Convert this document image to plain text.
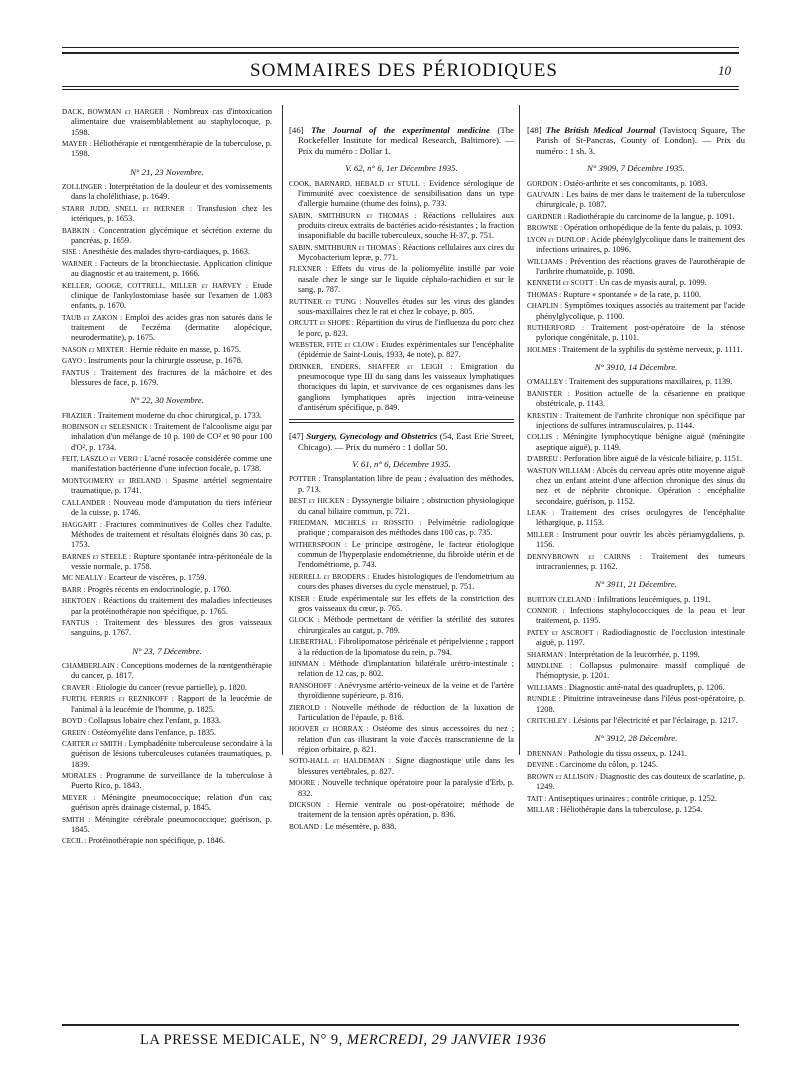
SOMMAIRES DES PÉRIODIQUES	10
DACK, BOWMAN et HARGER : Nombreux cas d'intoxication alimentaire due vraisemblablement au staphylocoque, p. 1598.
MAYER : Héliothérapie et rœntgenthérapie de la tuberculose, p. 1598.
N° 21, 23 Novembre.
ZOLLINGER : Interprétation de la douleur et des vomissements dans la cholélithiase, p. 1649.
STARR JUDD, SNELL et HŒRNER : Transfusion chez les ictériques, p. 1653.
BABKIN : Concentration glycémique et sécrétion externe du pancréas, p. 1659.
SISE : Anesthésie des malades thyro-cardiaques, p. 1663.
WARNER : Facteurs de la bronchiectasie. Application clinique au diagnostic et au traitement, p. 1666.
KELLER, GOOGE, COTTRELL, MILLER et HARVEY : Etude clinique de l'ankylostomiase basée sur l'examen de 1.083 enfants, p. 1670.
TAUB et ZAKON : Emploi des acides gras non saturés dans le traitement de l'eczéma (dermatite alopécique, neurodermatite), p. 1675.
NASON et MIXTER : Hernie réduite en masse, p. 1675.
GAYO : Instruments pour la chirurgie osseuse, p. 1678.
FANTUS : Traitement des fractures de la mâchoire et des blessures de face, p. 1679.
N° 22, 30 Novembre.
FRAZIER : Traitement moderne du choc chirurgical, p. 1733.
ROBINSON et SELESNICK : Traitement de l'alcoolisme aigu par inhalation d'un mélange de 10 p. 100 de CO² et 90 pour 100 d'O², p. 1734.
FEIT, LASZLO et VERO : L'acné rosacée considérée comme une manifestation bactérienne d'une infection focale, p. 1738.
MONTGOMERY et IRELAND : Spasme artériel segmentaire traumatique, p. 1741.
CALLANDER : Nouveau mode d'amputation du tiers inférieur de la cuisse, p. 1746.
HAGGART : Fractures comminutives de Colles chez l'adulte. Méthodes de traitement et résultats éloignés dans 30 cas, p. 1753.
BARNES et STEELE : Rupture spontanée intra-péritonéale de la vessie normale, p. 1758.
MC NEALLY : Ecarteur de viscères, p. 1759.
BARR : Progrès récents en endocrinologie, p. 1760.
HEKTOEN : Réactions du traitement des maladies infectieuses par la protéinothérapie non spécifique, p. 1765.
FANTUS : Traitement des blessures des gros vaisseaux sanguins, p. 1767.
N° 23, 7 Décembre.
CHAMBERLAIN : Conceptions modernes de la rœntgenthérapie du cancer, p. 1817.
CRAVER : Etiologie du cancer (revue partielle), p. 1820.
FURTH, FERRIS et REZNIKOFF : Rapport de la leucémie de l'animal à la leucémie de l'homme, p. 1825.
BOYD : Collapsus lobaire chez l'enfant, p. 1833.
GREEN : Ostéomyélite dans l'enfance, p. 1835.
CARTER et SMITH : Lymphadénite tuberculeuse secondaire à la guérison de lésions tuberculeuses cutanées traumatiques, p. 1839.
MORALES : Programme de surveillance de la tuberculose à Puerto Rico, p. 1843.
MEYER : Méningite pneumococcique; relation d'un cas; guérison après drainage cisternal, p. 1845.
SMITH : Méningite cérébrale pneumococcique; guérison, p. 1845.
CECIL : Protéinothérapie non spécifique, p. 1846.
[46] The Journal of the experimental medicine (The Rockefeller Institute for medical Research, Baltimore). — Prix du numéro : Dollar 1.
V. 62, n° 6, 1er Décembre 1935.
COOK, BARNARD, HEBALD et STULL : Evidence sérologique de l'immunité avec coexistence de sensibilisation dans un type d'allergie humaine (rhume des foins), p. 733.
SABIN, SMITHBURN et THOMAS : Réactions cellulaires aux produits cireux extraits de bactéries acido-résistantes ; la fraction insaponifiable du bacille tuberculeux, souche H-37, p. 751.
SABIN, SMITHBURN et THOMAS : Réactions cellulaires aux cires du Mycobacterium lepræ, p. 771.
FLEXNER : Effets du virus de la poliomyélite instillé par voie nasale chez le singe sur le liquide céphalo-rachidien et sur le sang, p. 787.
RUTTNER et T'UNG : Nouvelles études sur les virus des glandes sous-maxillaires chez le rat et chez le cobaye, p. 805.
ORCUTT et SHOPE : Répartition du virus de l'influenza du porc chez le porc, p. 823.
WEBSTER, FITE et CLOW : Etudes expérimentales sur l'encéphalite (épidémie de Saint-Louis, 1933, 4e note), p. 827.
DRINKER, ENDERS, SHAFFER et LEIGH : Emigration du pneumocoque type III du sang dans les vaisseaux lymphatiques thoraciques du lapin, et survivance de ces organismes dans les ganglions lymphatiques après injection intra-veineuse d'antisérum spécifique, p. 849.
[47] Surgery, Gynecology and Obstetrics (54, East Erie Street, Chicago). — Prix du numéro : 1 dollar 50.
V. 61, n° 6, Décembre 1935.
POTTER : Transplantation libre de peau ; évaluation des méthodes, p. 713.
BEST et HICKEN : Dyssynergie biliaire ; obstruction physiologique du canal biliaire commun, p. 721.
FRIEDMAN, MICHELS et ROSSITO : Pelvimétrie radiologique pratique ; comparaison des méthodes dans 100 cas, p. 735.
WITHERSPOON : Le principe œstrogène, le facteur étiologique commun de l'hyperplasie endométrienne, du fibroïde utérin et de l'endométriome, p. 743.
HERRELL et BRODERS : Etudes histologiques de l'endometrium au cours des phases diverses du cycle menstruel, p. 751.
KISER : Etude expérimentale sur les effets de la constriction des gros vaisseaux du cœur, p. 765.
GLOCK : Méthode permettant de vérifier la stérilité des sutures chirurgicales au catgut, p. 789.
LIEBERTHAL : Fibrolipomatose périrénale et péripelvienne ; rapport à la réduction de la lipomatose du rein, p. 794.
HINMAN : Méthode d'implantation bilatérale urétro-intestinale ; relation de 12 cas, p. 802.
RANSOHOFF : Anévrysme artério-veineux de la veine et de l'artère thyroïdienne supérieure, p. 816.
ZIEROLD : Nouvelle méthode de réduction de la luxation de l'articulation de l'épaule, p. 818.
HOOVER et HORRAX : Ostéome des sinus accessoires du nez ; relation d'un cas illustrant la voie d'accès transcranienne de la région orbitaire, p. 821.
SOTO-HALL et HALDEMAN : Signe diagnostique utile dans les blessures vertébrales, p. 827.
MOORE : Nouvelle technique opératoire pour la paralysie d'Erb, p. 832.
DICKSON : Hernie ventrale ou post-opératoire; méthode de traitement de la tension après opération, p. 836.
BOLAND : Le mésentère, p. 838.
[48] The British Medical Journal (Tavistocq Square, The Parish of St-Pancras, County of London). — Prix du numéro : 1 sh. 3.
N° 3909, 7 Décembre 1935.
GORDON : Ostéo-arthrite et ses concomitants, p. 1083.
GAUVAIN : Les bains de mer dans le traitement de la tuberculose chirurgicale, p. 1087.
GARDNER : Radiothérapie du carcinome de la langue, p. 1091.
BROWNE : Opération orthopédique de la fente du palais, p. 1093.
LYON et DUNLOP : Acide phénylglycolique dans le traitement des infections urinaires, p. 1096.
WILLIAMS : Prévention des réactions graves de l'aurothérapie de l'arthrite rhumatoïde, p. 1098.
KENNETH et SCOTT : Un cas de myasis aural, p. 1099.
THOMAS : Rupture « spontanée » de la rate, p. 1100.
CHAPLIN : Symptômes toxiques associés au traitement par l'acide phénylglycolique, p. 1100.
RUTHERFORD : Traitement post-opératoire de la sténose pylorique congénitale, p. 1101.
HOLMES : Traitement de la syphilis du système nerveux, p. 1111.
N° 3910, 14 Décembre.
O'MALLEY : Traitement des suppurations maxillaires, p. 1139.
BANISTER : Position actuelle de la césarienne en pratique obstétricale, p. 1143.
KRESTIN : Traitement de l'arthrite chronique non spécifique par injections de sulfures intramusculaires, p. 1144.
COLLIS : Méningite lymphocytique bénigne aiguë (méningite aseptique aiguë), p. 1149.
D'ABREU : Perforation libre aiguë de la vésicule biliaire, p. 1151.
WASTON WILLIAM : Abcès du cerveau après otite moyenne aiguë chez un enfant atteint d'une affection chronique des sinus du nez et de néphrite chronique. Opération : encéphalite secondaire, guérison, p. 1152.
LEAK : Traitement des crises oculogyres de l'encéphalite léthargique, p. 1153.
MILLER : Instrument pour ouvrir les abcès périamygdaliens, p. 1156.
DENNYBROWN et CAIRNS : Traitement des tumeurs intracraniennes, p. 1162.
N° 3911, 21 Décembre.
BURTON CLELAND : Infiltrations leucémiques, p. 1191.
CONNOR : Infections staphylococciques de la peau et leur traitement, p. 1195.
PATEY et ASCROFT : Radiodiagnostic de l'occlusion intestinale aiguë, p. 1197.
SHARMAN : Interprétation de la leucorrhée, p. 1199.
MINDLINE : Collapsus pulmonaire massif compliqué de l'hémoptysie, p. 1201.
WILLIAMS : Diagnostic anté-natal des quadruplets, p. 1206.
RUNDLE : Pituitrine intraveineuse dans l'iléus post-opératoire, p. 1208.
CRITCHLEY : Lésions par l'électricité et par l'éclairage, p. 1217.
N° 3912, 28 Décembre.
DRENNAN : Pathologie du tissu osseux, p. 1241.
DEVINE : Carcinome du côlon, p. 1245.
BROWN et ALLISON : Diagnostic des cas douteux de scarlatine, p. 1249.
TAIT : Antiseptiques urinaires ; contrôle critique, p. 1252.
MILLAR : Héliothérapie dans la tuberculose, p. 1254.
LA PRESSE MEDICALE, N° 9, MERCREDI, 29 JANVIER 1936
